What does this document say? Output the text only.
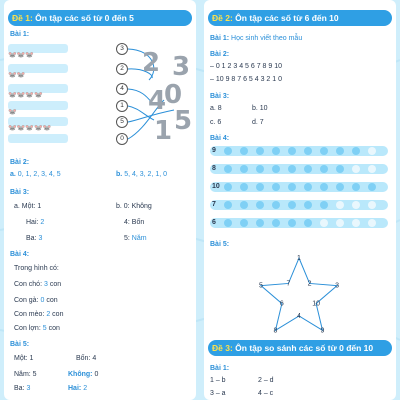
Đề 1: Ôn tập các số từ 0 đến 5
Bài 1:
🐭🐭🐭
🐭🐭
🐭🐭🐭🐭
🐭
🐭🐭🐭🐭🐭
3
2
4
1
5
0
2 3
4
0
1 5
Bài 2:
a. 0, 1, 2, 3, 4, 5	b. 5, 4, 3, 2, 1, 0
Bài 3:
a. Một: 1	b. 0: Không
Hai: 2	4: Bốn
Ba: 3	5: Năm
Bài 4:
Trong hình có:
Con chó: 3 con
Con gà: 0 con
Con mèo: 2 con
Con lợn: 5 con
Bài 5:
Một: 1	Bốn: 4
Năm: 5	Không: 0
Ba: 3	Hai: 2
Đề 2: Ôn tập các số từ 6 đến 10
Bài 1: Học sinh viết theo mẫu
Bài 2:
– 0 1 2 3 4 5 6 7 8 9 10
– 10 9 8 7 6 5 4 3 2 1 0
Bài 3:
a. 8	b. 10
c. 6	d. 7
Bài 4:
9
8
10
7
6
Bài 5:
1
2	3
10
9
4
8
6
5	7
Đề 3: Ôn tập so sánh các số từ 0 đến 10
Bài 1:
1 – b	2 – d
3 – a	4 – c
